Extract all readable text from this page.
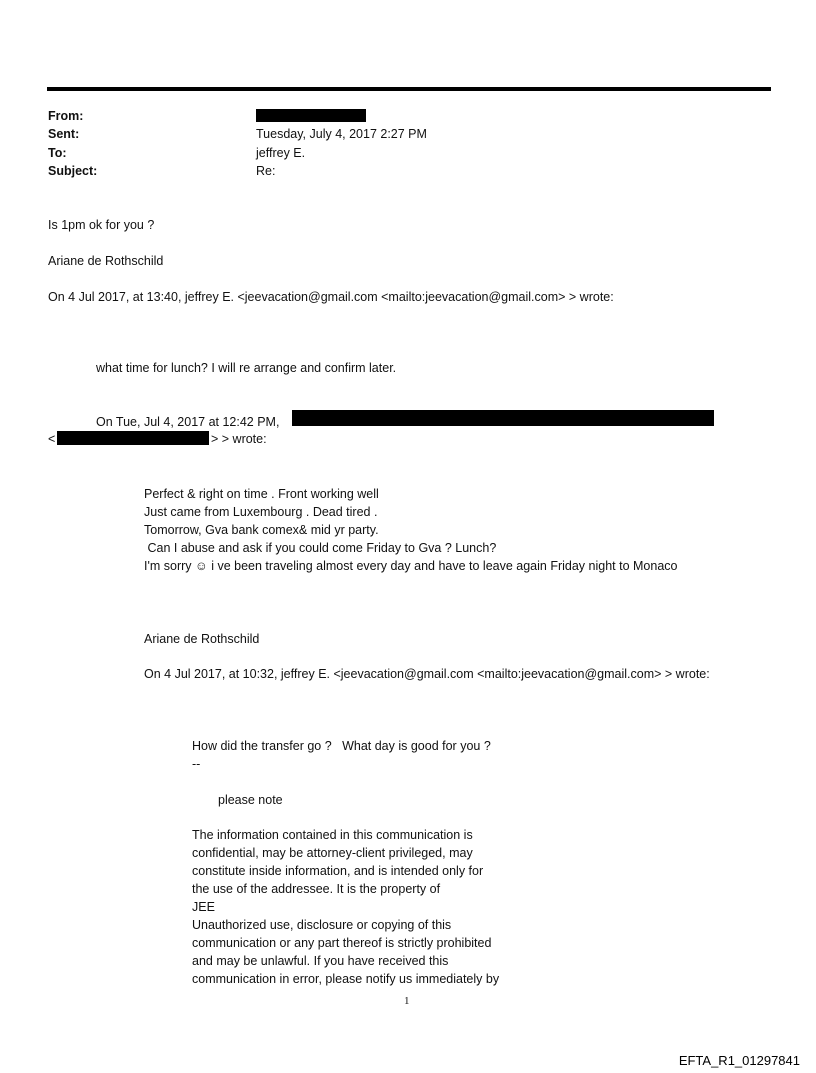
From:
Sent:	Tuesday, July 4, 2017 2:27 PM
To:	jeffrey E.
Subject:	Re:
Is 1pm ok for you ?
Ariane de Rothschild
On 4 Jul 2017, at 13:40, jeffrey E. <jeevacation@gmail.com <mailto:jeevacation@gmail.com> > wrote:
what time for lunch? I will re arrange and confirm later.
On Tue, Jul 4, 2017 at 12:42 PM,
<	> > wrote:
Perfect & right on time . Front working well
Just came from Luxembourg . Dead tired .
Tomorrow, Gva bank comex& mid yr party.
Can I abuse and ask if you could come Friday to Gva ? Lunch?
I'm sorry ☺ i ve been traveling almost every day and have to leave again Friday night to Monaco
Ariane de Rothschild
On 4 Jul 2017, at 10:32, jeffrey E. <jeevacation@gmail.com <mailto:jeevacation@gmail.com> > wrote:
How did the transfer go ?   What day is good for you ?
--
please note
The information contained in this communication is
confidential, may be attorney-client privileged, may
constitute inside information, and is intended only for
the use of the addressee. It is the property of
JEE
Unauthorized use, disclosure or copying of this
communication or any part thereof is strictly prohibited
and may be unlawful. If you have received this
communication in error, please notify us immediately by
1
EFTA_R1_01297841
